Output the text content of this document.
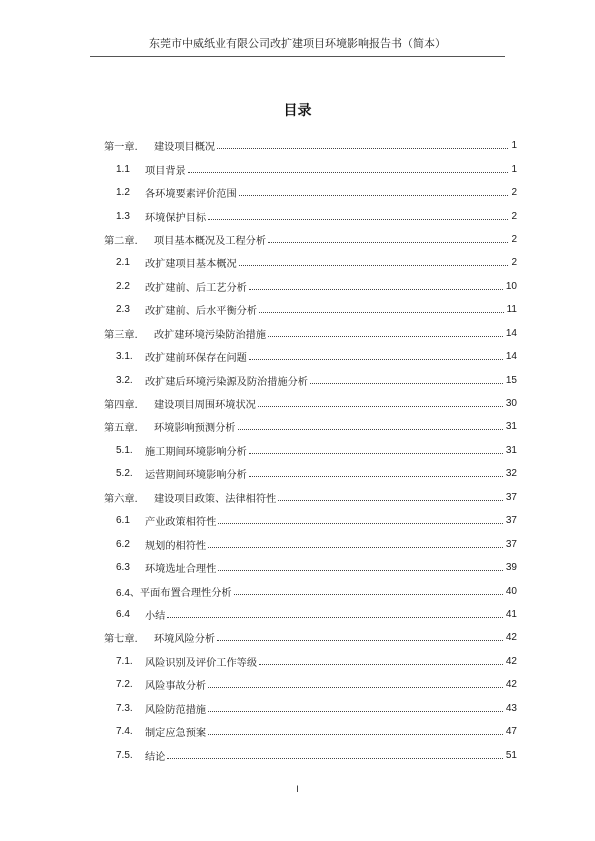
东莞市中威纸业有限公司改扩建项目环境影响报告书（简本）
目录
第一章.	建设项目概况	1
1.1	项目背景	1
1.2	各环境要素评价范围	2
1.3	环境保护目标	2
第二章.	项目基本概况及工程分析	2
2.1	改扩建项目基本概况	2
2.2	改扩建前、后工艺分析	10
2.3	改扩建前、后水平衡分析	11
第三章.	改扩建环境污染防治措施	14
3.1.	改扩建前环保存在问题	14
3.2.	改扩建后环境污染源及防治措施分析	15
第四章.	建设项目周围环境状况	30
第五章.	环境影响预测分析	31
5.1.	施工期间环境影响分析	31
5.2.	运营期间环境影响分析	32
第六章.	建设项目政策、法律相符性	37
6.1	产业政策相符性	37
6.2	规划的相符性	37
6.3	环境选址合理性	39
6.4、 平面布置合理性分析	40
6.4	小结	41
第七章.	环境风险分析	42
7.1.	风险识别及评价工作等级	42
7.2.	风险事故分析	42
7.3.	风险防范措施	43
7.4.	制定应急预案	47
7.5.	结论	51
I
